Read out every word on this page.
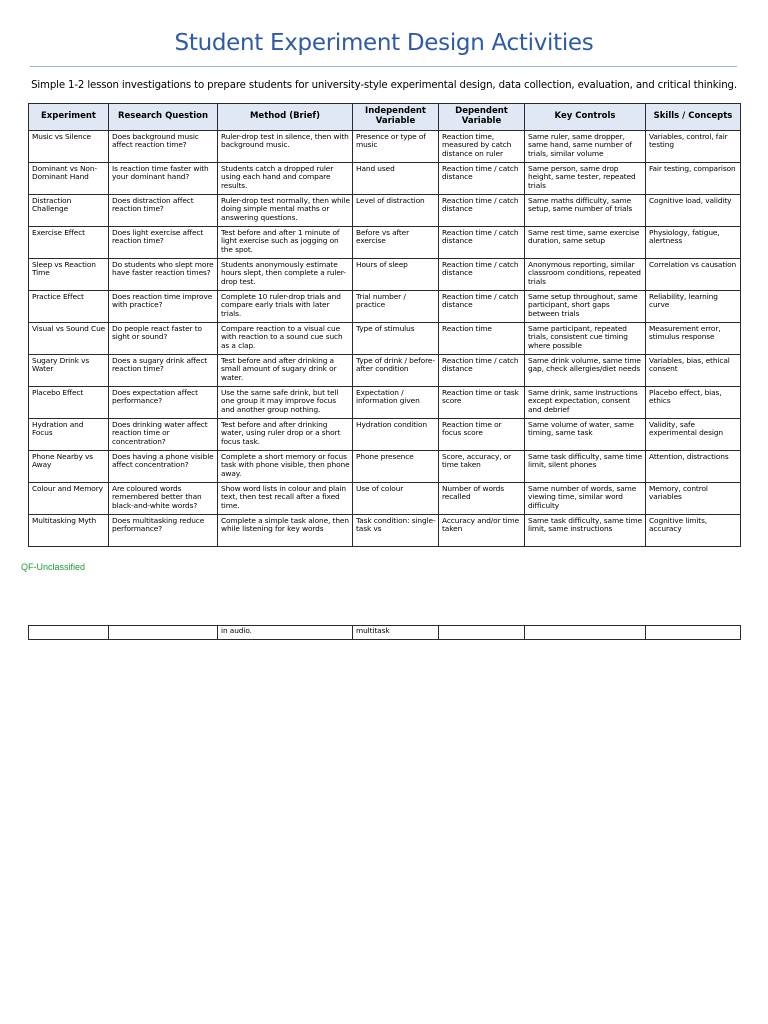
Student Experiment Design Activities
Simple 1-2 lesson investigations to prepare students for university-style experimental design, data collection, evaluation, and critical thinking.
Experiment	Research Question	Method (Brief)	Independent Variable	Dependent Variable	Key Controls	Skills / Concepts
Music vs Silence	Does background music affect reaction time?	Ruler-drop test in silence, then with background music.	Presence or type of music	Reaction time, measured by catch distance on ruler	Same ruler, same dropper, same hand, same number of trials, similar volume	Variables, control, fair testing
Dominant vs Non-Dominant Hand	Is reaction time faster with your dominant hand?	Students catch a dropped ruler using each hand and compare results.	Hand used	Reaction time / catch distance	Same person, same drop height, same tester, repeated trials	Fair testing, comparison
Distraction Challenge	Does distraction affect reaction time?	Ruler-drop test normally, then while doing simple mental maths or answering questions.	Level of distraction	Reaction time / catch distance	Same maths difficulty, same setup, same number of trials	Cognitive load, validity
Exercise Effect	Does light exercise affect reaction time?	Test before and after 1 minute of light exercise such as jogging on the spot.	Before vs after exercise	Reaction time / catch distance	Same rest time, same exercise duration, same setup	Physiology, fatigue, alertness
Sleep vs Reaction Time	Do students who slept more have faster reaction times?	Students anonymously estimate hours slept, then complete a ruler-drop test.	Hours of sleep	Reaction time / catch distance	Anonymous reporting, similar classroom conditions, repeated trials	Correlation vs causation
Practice Effect	Does reaction time improve with practice?	Complete 10 ruler-drop trials and compare early trials with later trials.	Trial number / practice	Reaction time / catch distance	Same setup throughout, same participant, short gaps between trials	Reliability, learning curve
Visual vs Sound Cue	Do people react faster to sight or sound?	Compare reaction to a visual cue with reaction to a sound cue such as a clap.	Type of stimulus	Reaction time	Same participant, repeated trials, consistent cue timing where possible	Measurement error, stimulus response
Sugary Drink vs Water	Does a sugary drink affect reaction time?	Test before and after drinking a small amount of sugary drink or water.	Type of drink / before-after condition	Reaction time / catch distance	Same drink volume, same time gap, check allergies/diet needs	Variables, bias, ethical consent
Placebo Effect	Does expectation affect performance?	Use the same safe drink, but tell one group it may improve focus and another group nothing.	Expectation / information given	Reaction time or task score	Same drink, same instructions except expectation, consent and debrief	Placebo effect, bias, ethics
Hydration and Focus	Does drinking water affect reaction time or concentration?	Test before and after drinking water, using ruler drop or a short focus task.	Hydration condition	Reaction time or focus score	Same volume of water, same timing, same task	Validity, safe experimental design
Phone Nearby vs Away	Does having a phone visible affect concentration?	Complete a short memory or focus task with phone visible, then phone away.	Phone presence	Score, accuracy, or time taken	Same task difficulty, same time limit, silent phones	Attention, distractions
Colour and Memory	Are coloured words remembered better than black-and-white words?	Show word lists in colour and plain text, then test recall after a fixed time.	Use of colour	Number of words recalled	Same number of words, same viewing time, similar word difficulty	Memory, control variables
Multitasking Myth	Does multitasking reduce performance?	Complete a simple task alone, then while listening for key words	Task condition: single-task vs	Accuracy and/or time taken	Same task difficulty, same time limit, same instructions	Cognitive limits, accuracy
QF-Unclassified
		in audio.	multitask			
